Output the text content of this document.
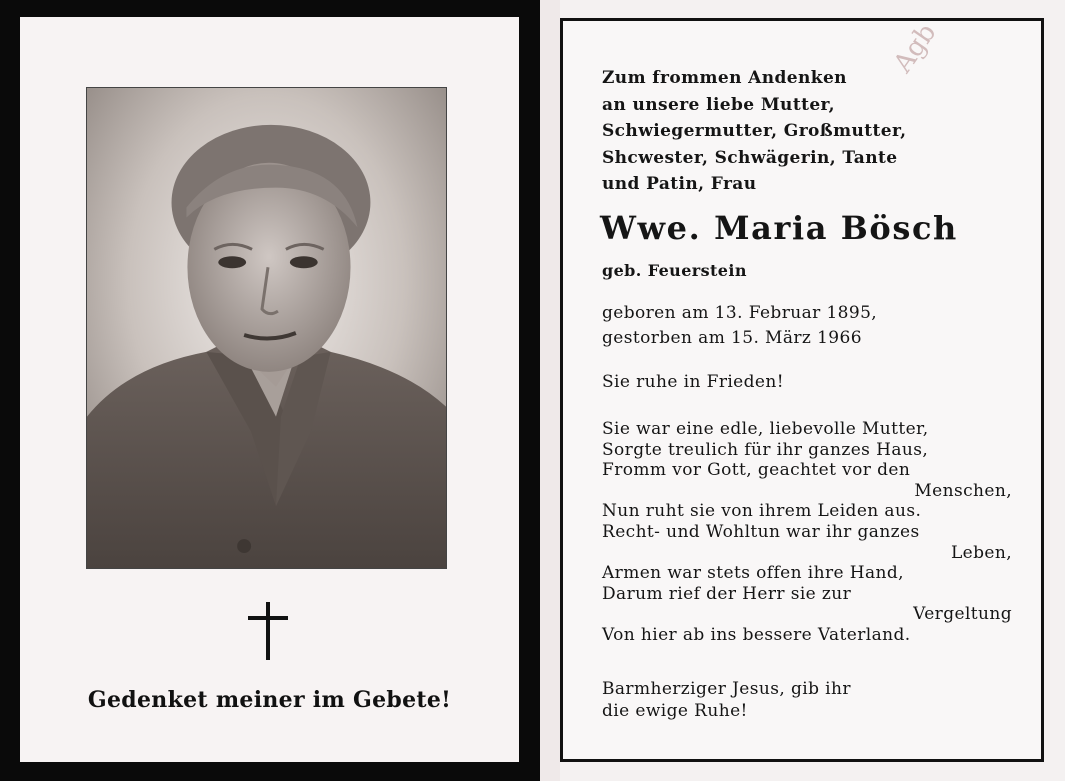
Gedenket meiner im Gebete!
Agb
Zum frommen Andenken
an unsere liebe Mutter,
Schwiegermutter, Großmutter,
Shcwester, Schwägerin, Tante
und Patin, Frau
Wwe. Maria Bösch
geb. Feuerstein
geboren am 13. Februar 1895,
gestorben am 15. März 1966
Sie ruhe in Frieden!
Sie war eine edle, liebevolle Mutter,
Sorgte treulich für ihr ganzes Haus,
Fromm vor Gott, geachtet vor den
Menschen,
Nun ruht sie von ihrem Leiden aus.
Recht- und Wohltun war ihr ganzes
Leben,
Armen war stets offen ihre Hand,
Darum rief der Herr sie zur
Vergeltung
Von hier ab ins bessere Vaterland.
Barmherziger Jesus, gib ihr
die ewige Ruhe!
